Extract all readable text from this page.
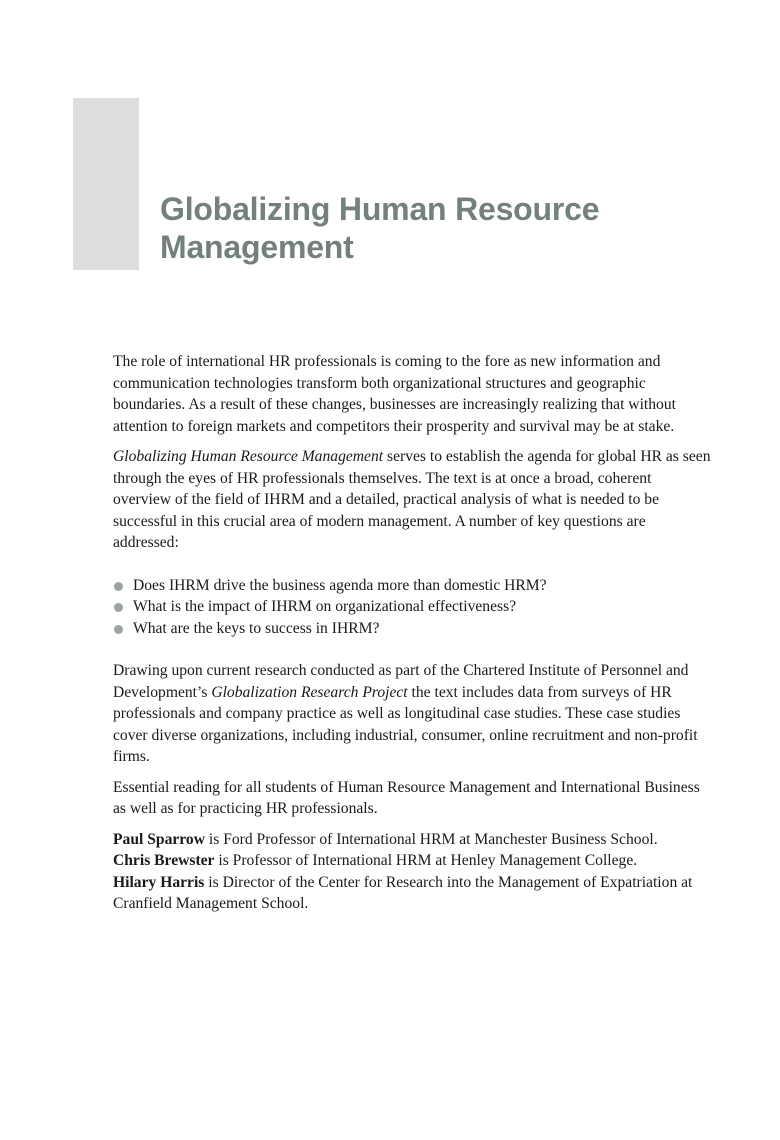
Globalizing Human Resource
Management

The role of international HR professionals is coming to the fore as new information and communication technologies transform both organizational structures and geographic boundaries. As a result of these changes, businesses are increasingly realizing that without attention to foreign markets and competitors their prosperity and survival may be at stake.

Globalizing Human Resource Management serves to establish the agenda for global HR as seen through the eyes of HR professionals themselves. The text is at once a broad, coherent overview of the field of IHRM and a detailed, practical analysis of what is needed to be successful in this crucial area of modern management. A number of key questions are addressed:

Does IHRM drive the business agenda more than domestic HRM?
What is the impact of IHRM on organizational effectiveness?
What are the keys to success in IHRM?

Drawing upon current research conducted as part of the Chartered Institute of Personnel and Development’s Globalization Research Project the text includes data from surveys of HR professionals and company practice as well as longitudinal case studies. These case studies cover diverse organizations, including industrial, consumer, online recruitment and non-profit firms.

Essential reading for all students of Human Resource Management and International Business as well as for practicing HR professionals.

Paul Sparrow is Ford Professor of International HRM at Manchester Business School.

Chris Brewster is Professor of International HRM at Henley Management College.

Hilary Harris is Director of the Center for Research into the Management of Expatriation at Cranfield Management School.
